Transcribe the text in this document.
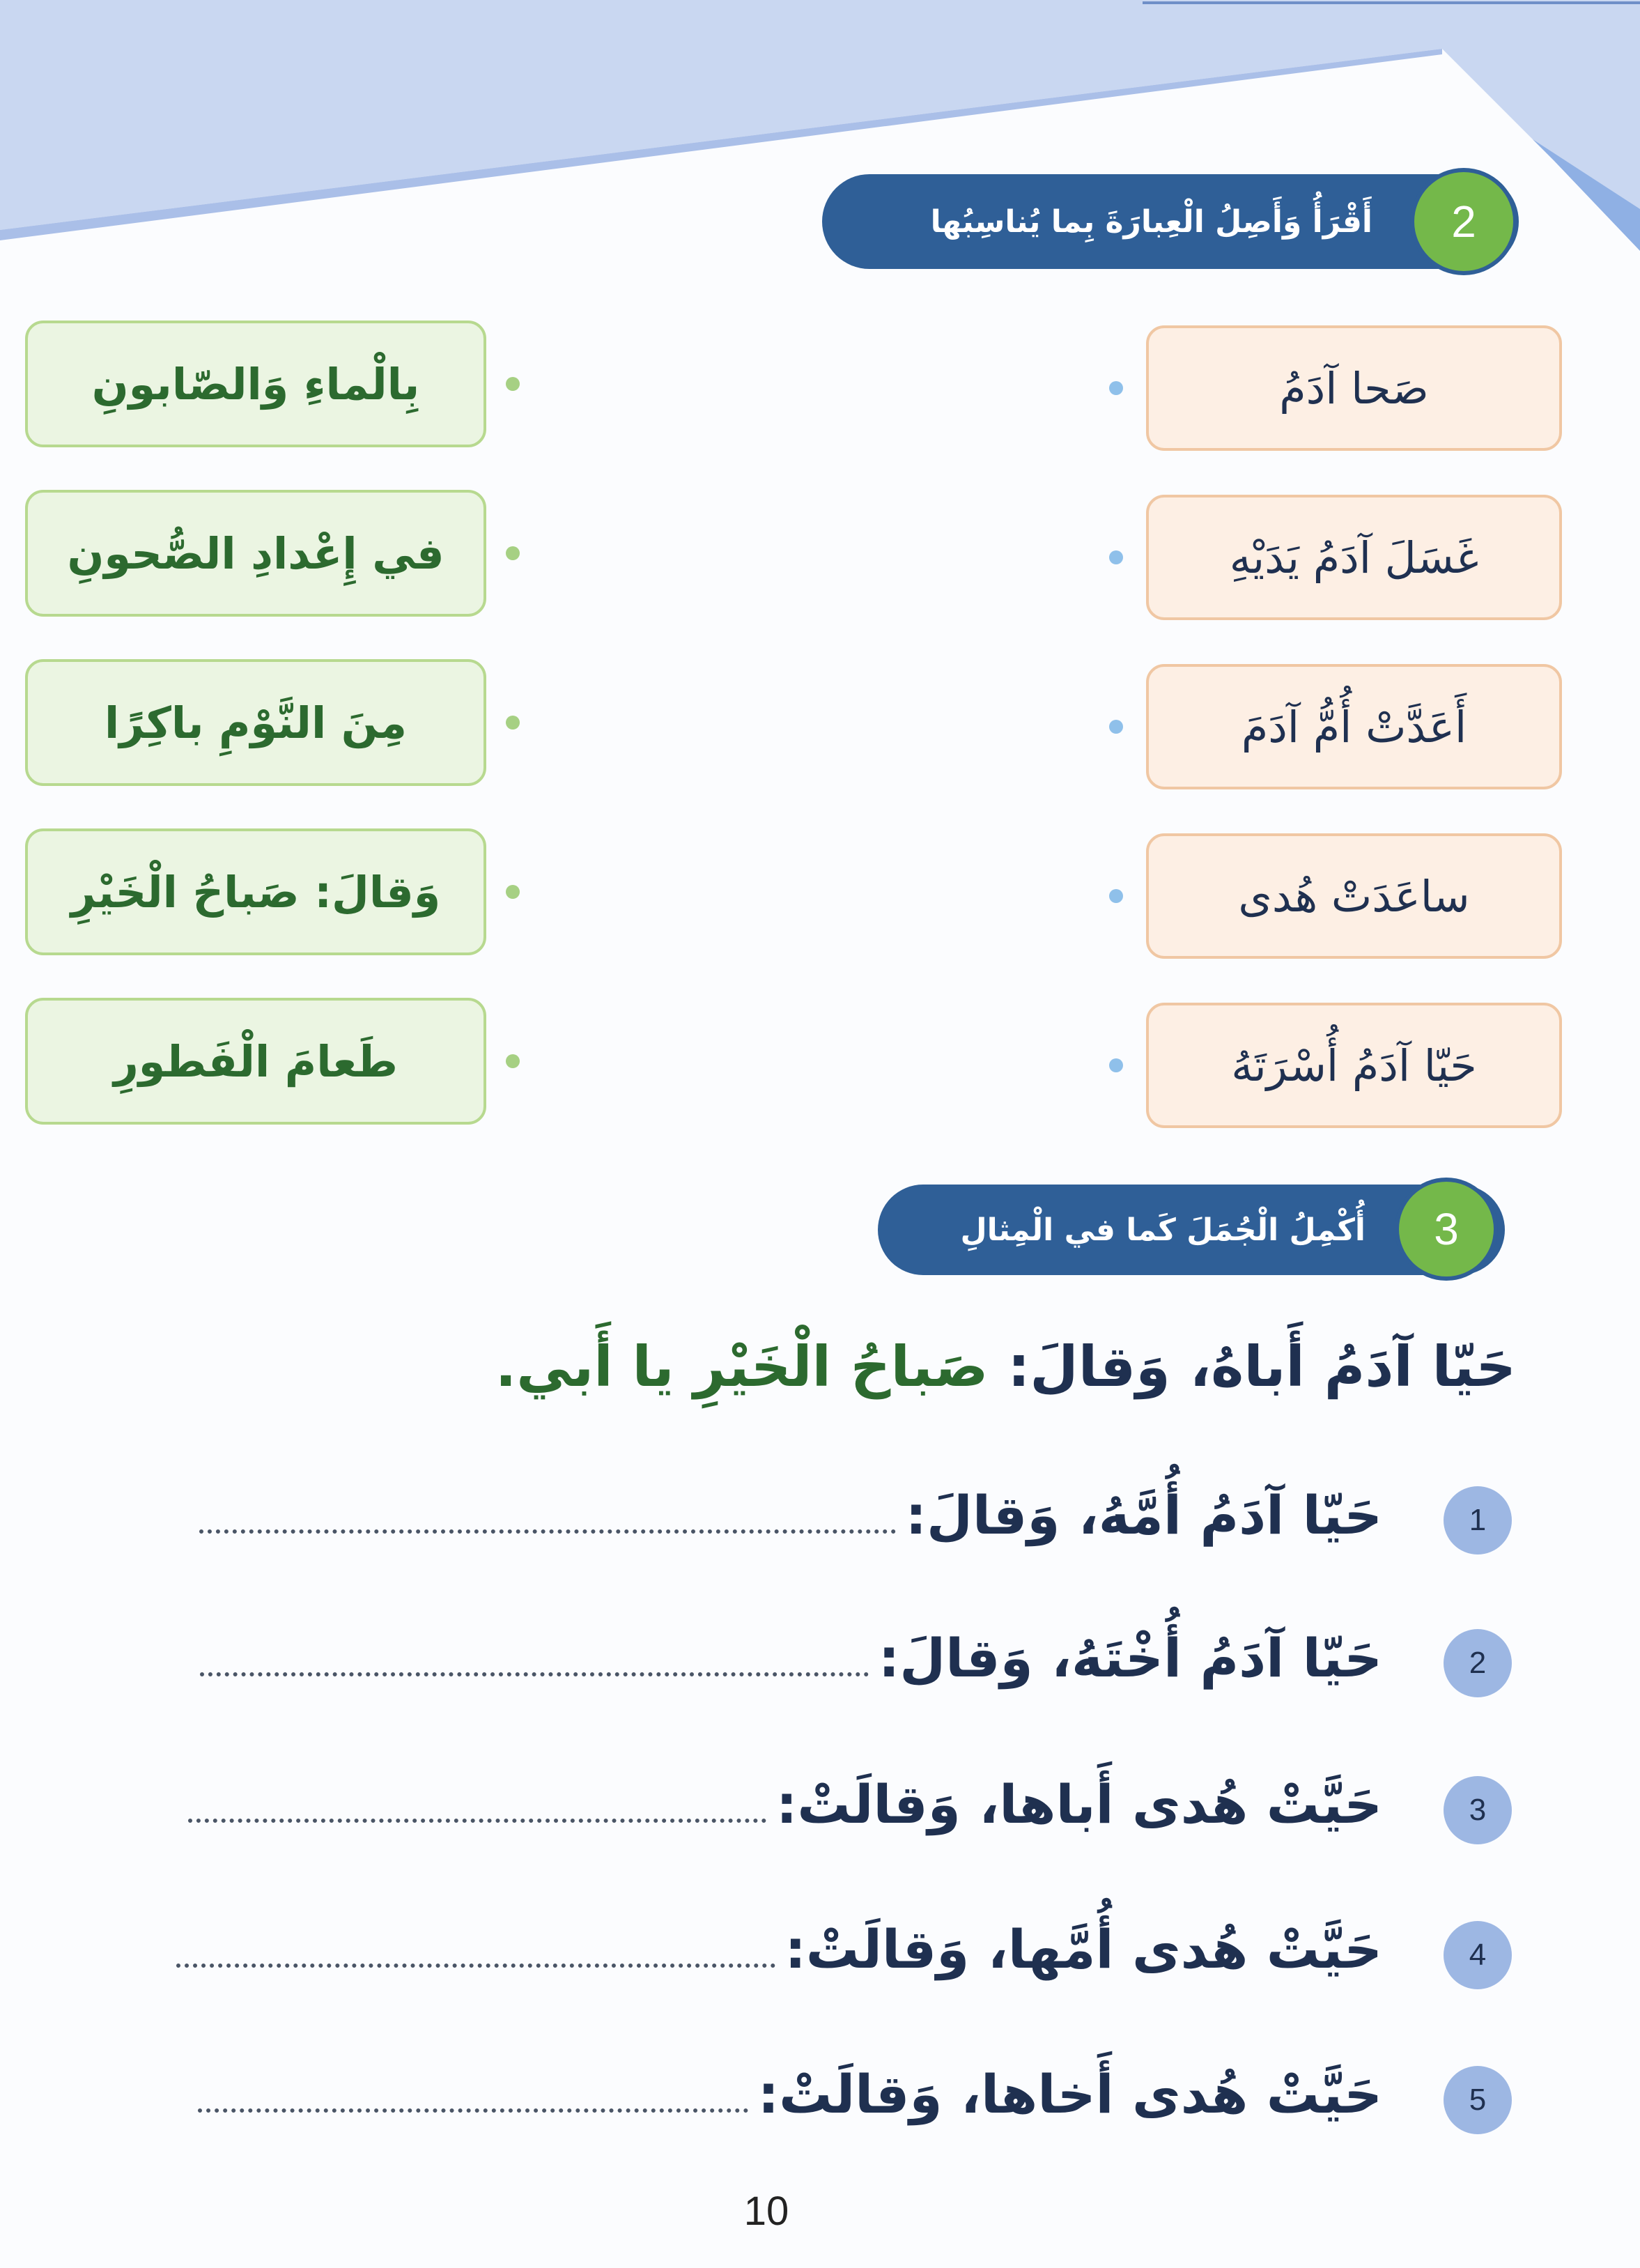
أَقْرَأُ وَأَصِلُ الْعِبارَةَ بِما يُناسِبُها	2
صَحا آدَمُ
غَسَلَ آدَمُ يَدَيْهِ
أَعَدَّتْ أُمُّ آدَمَ
ساعَدَتْ هُدى
حَيّا آدَمُ أُسْرَتَهُ
بِالْماءِ وَالصّابونِ
في إِعْدادِ الصُّحونِ
مِنَ النَّوْمِ باكِرًا
وَقالَ: صَباحُ الْخَيْرِ
طَعامَ الْفَطورِ
أُكْمِلُ الْجُمَلَ كَما في الْمِثالِ	3
حَيّا آدَمُ أَباهُ، وَقالَ: صَباحُ الْخَيْرِ يا أَبي.
1
حَيّا آدَمُ أُمَّهُ، وَقالَ:
2
حَيّا آدَمُ أُخْتَهُ، وَقالَ:
3
حَيَّتْ هُدى أَباها، وَقالَتْ:
4
حَيَّتْ هُدى أُمَّها، وَقالَتْ:
5
حَيَّتْ هُدى أَخاها، وَقالَتْ:
10
